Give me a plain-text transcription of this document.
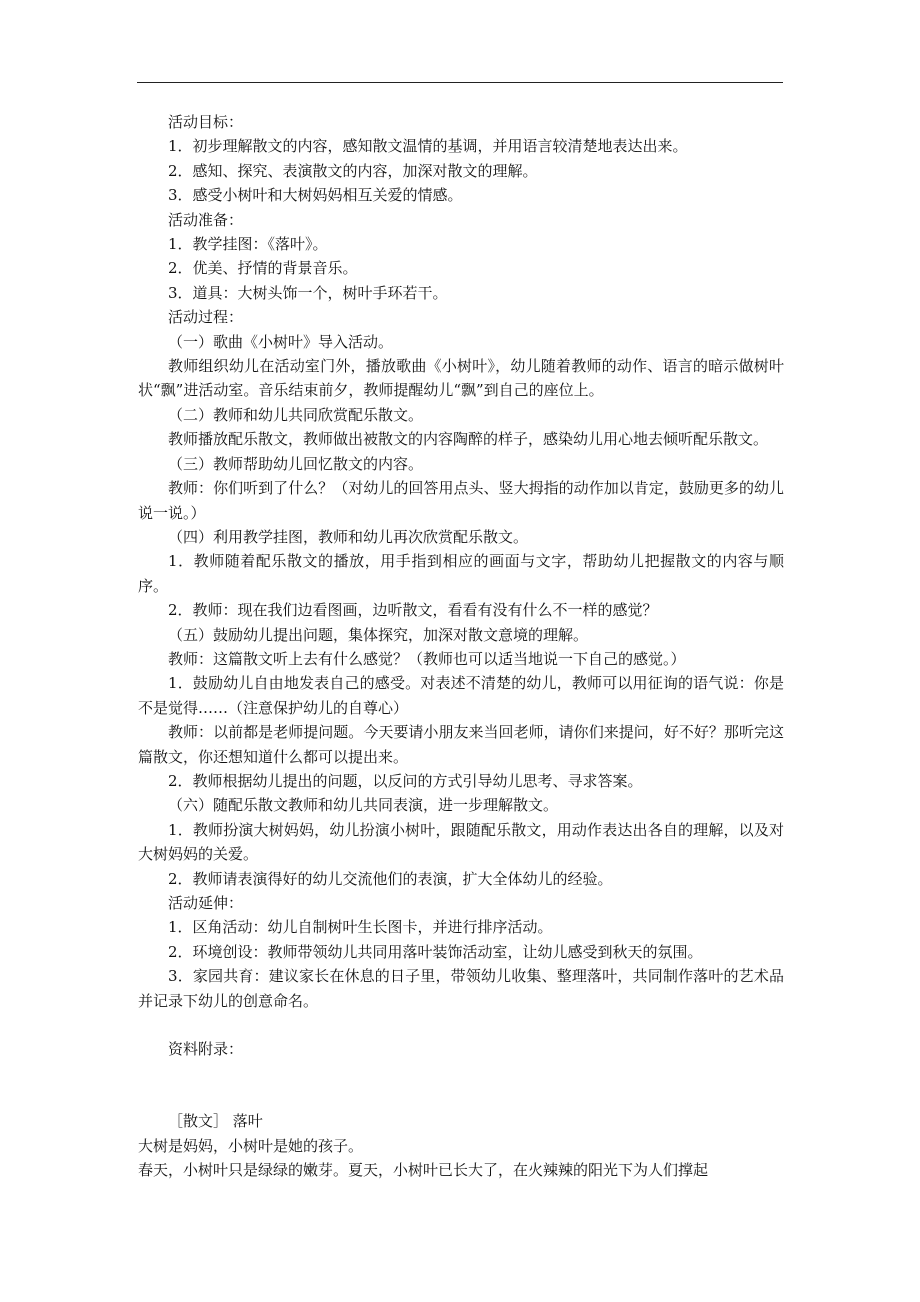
活动目标：
1．初步理解散文的内容，感知散文温情的基调，并用语言较清楚地表达出来。
2．感知、探究、表演散文的内容，加深对散文的理解。
3．感受小树叶和大树妈妈相互关爱的情感。
活动准备：
1．教学挂图：《落叶》。
2．优美、抒情的背景音乐。
3．道具：大树头饰一个，树叶手环若干。
活动过程：
（一）歌曲《小树叶》导入活动。
教师组织幼儿在活动室门外，播放歌曲《小树叶》，幼儿随着教师的动作、语言的暗示做树叶状“飘”进活动室。音乐结束前夕，教师提醒幼儿“飘”到自己的座位上。
（二）教师和幼儿共同欣赏配乐散文。
教师播放配乐散文，教师做出被散文的内容陶醉的样子，感染幼儿用心地去倾听配乐散文。
（三）教师帮助幼儿回忆散文的内容。
教师：你们听到了什么？（对幼儿的回答用点头、竖大拇指的动作加以肯定，鼓励更多的幼儿说一说。）
（四）利用教学挂图，教师和幼儿再次欣赏配乐散文。
1．教师随着配乐散文的播放，用手指到相应的画面与文字，帮助幼儿把握散文的内容与顺序。
2．教师：现在我们边看图画，边听散文，看看有没有什么不一样的感觉？
（五）鼓励幼儿提出问题，集体探究，加深对散文意境的理解。
教师：这篇散文听上去有什么感觉？（教师也可以适当地说一下自己的感觉。）
1．鼓励幼儿自由地发表自己的感受。对表述不清楚的幼儿，教师可以用征询的语气说：你是不是觉得……（注意保护幼儿的自尊心）
教师：以前都是老师提问题。今天要请小朋友来当回老师，请你们来提问，好不好？那听完这篇散文，你还想知道什么都可以提出来。
2．教师根据幼儿提出的问题，以反问的方式引导幼儿思考、寻求答案。
（六）随配乐散文教师和幼儿共同表演，进一步理解散文。
1．教师扮演大树妈妈，幼儿扮演小树叶，跟随配乐散文，用动作表达出各自的理解，以及对大树妈妈的关爱。
2．教师请表演得好的幼儿交流他们的表演，扩大全体幼儿的经验。
活动延伸：
1．区角活动：幼儿自制树叶生长图卡，并进行排序活动。
2．环境创设：教师带领幼儿共同用落叶装饰活动室，让幼儿感受到秋天的氛围。
3．家园共育：建议家长在休息的日子里，带领幼儿收集、整理落叶，共同制作落叶的艺术品并记录下幼儿的创意命名。
资料附录：
［散文］ 落叶
大树是妈妈，小树叶是她的孩子。
春天，小树叶只是绿绿的嫩芽。夏天，小树叶已长大了，在火辣辣的阳光下为人们撑起
